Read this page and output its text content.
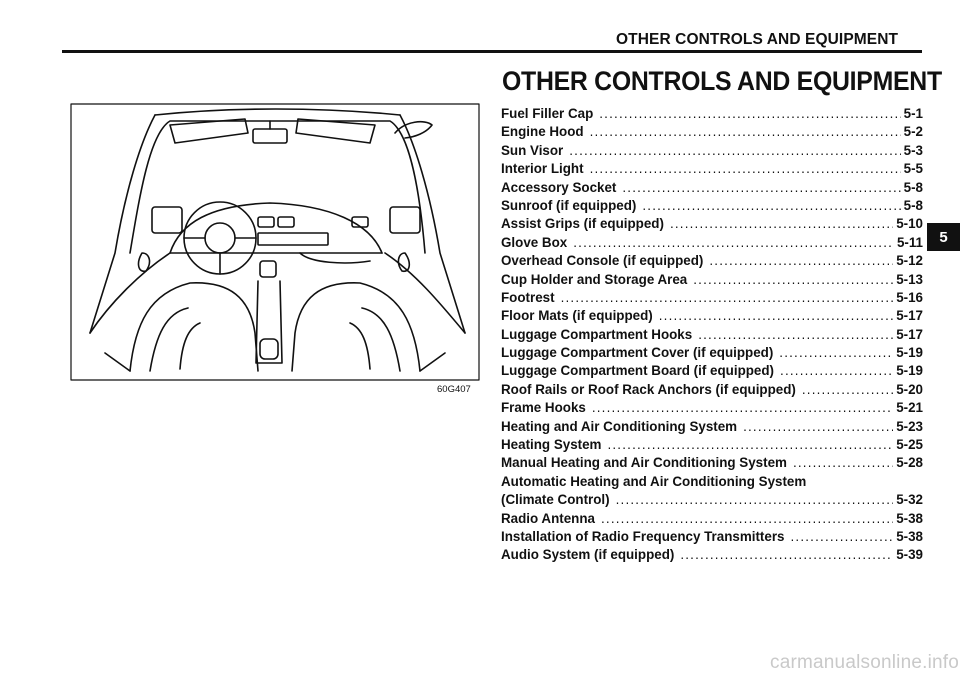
OTHER CONTROLS AND EQUIPMENT
OTHER CONTROLS AND EQUIPMENT
60G407
Fuel Filler Cap .....	5-1
Engine Hood .....	5-2
Sun Visor .....	5-3
Interior Light .....	5-5
Accessory Socket .....	5-8
Sunroof (if equipped) .....	5-8
Assist Grips (if equipped) .....	5-10
Glove Box .....	5-11
Overhead Console (if equipped) .....	5-12
Cup Holder and Storage Area .....	5-13
Footrest .....	5-16
Floor Mats (if equipped) .....	5-17
Luggage Compartment Hooks .....	5-17
Luggage Compartment Cover (if equipped) .....	5-19
Luggage Compartment Board (if equipped) .....	5-19
Roof Rails or Roof Rack Anchors (if equipped) .....	5-20
Frame Hooks .....	5-21
Heating and Air Conditioning System .....	5-23
Heating System .....	5-25
Manual Heating and Air Conditioning System .....	5-28
Automatic Heating and Air Conditioning System
(Climate Control) .....	5-32
Radio Antenna .....	5-38
Installation of Radio Frequency Transmitters .....	5-38
Audio System (if equipped) .....	5-39
5
carmanualsonline.info
